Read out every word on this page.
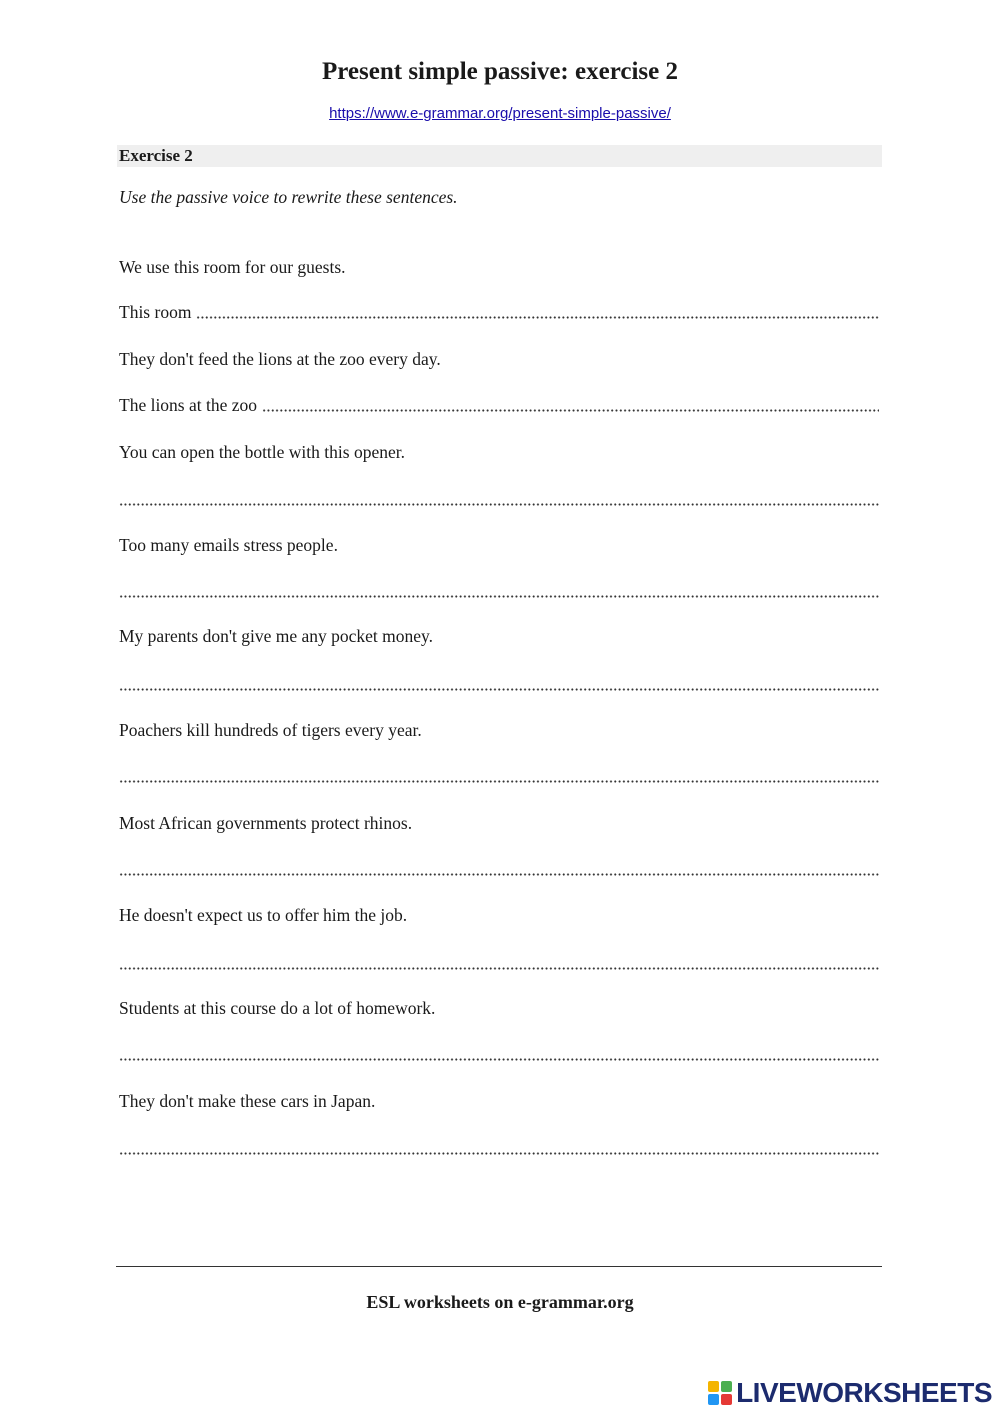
Present simple passive: exercise 2
https://www.e-grammar.org/present-simple-passive/
Exercise 2
Use the passive voice to rewrite these sentences.
We use this room for our guests.
This room
They don't feed the lions at the zoo every day.
The lions at the zoo
You can open the bottle with this opener.
Too many emails stress people.
My parents don't give me any pocket money.
Poachers kill hundreds of tigers every year.
Most African governments protect rhinos.
He doesn't expect us to offer him the job.
Students at this course do a lot of homework.
They don't make these cars in Japan.
ESL worksheets on e-grammar.org
LIVEWORKSHEETS
